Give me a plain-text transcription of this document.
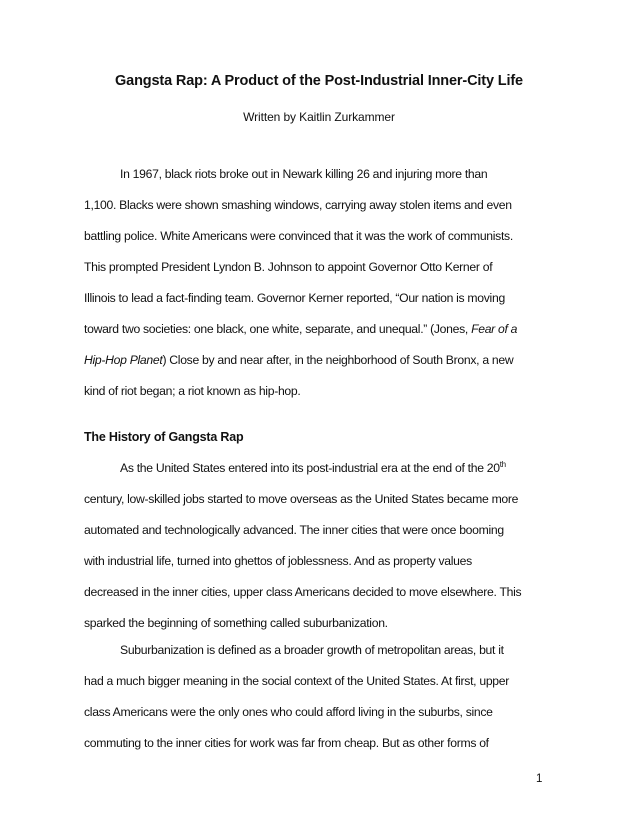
Gangsta Rap: A Product of the Post-Industrial Inner-City Life
Written by Kaitlin Zurkammer
In 1967, black riots broke out in Newark killing 26 and injuring more than
1,100. Blacks were shown smashing windows, carrying away stolen items and even
battling police. White Americans were convinced that it was the work of communists.
This prompted President Lyndon B. Johnson to appoint Governor Otto Kerner of
Illinois to lead a fact-finding team. Governor Kerner reported, “Our nation is moving
toward two societies: one black, one white, separate, and unequal.” (Jones, Fear of a
Hip-Hop Planet) Close by and near after, in the neighborhood of South Bronx, a new
kind of riot began; a riot known as hip-hop.
The History of Gangsta Rap
As the United States entered into its post-industrial era at the end of the 20th
century, low-skilled jobs started to move overseas as the United States became more
automated and technologically advanced. The inner cities that were once booming
with industrial life, turned into ghettos of joblessness. And as property values
decreased in the inner cities, upper class Americans decided to move elsewhere. This
sparked the beginning of something called suburbanization.
Suburbanization is defined as a broader growth of metropolitan areas, but it
had a much bigger meaning in the social context of the United States. At first, upper
class Americans were the only ones who could afford living in the suburbs, since
commuting to the inner cities for work was far from cheap. But as other forms of
1
